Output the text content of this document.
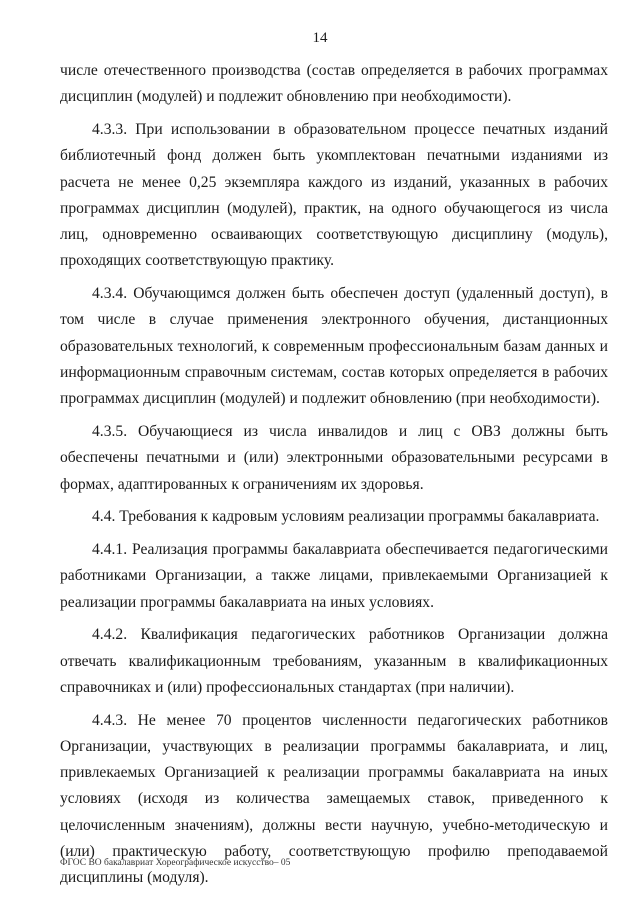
14

числе отечественного производства (состав определяется в рабочих программах дисциплин (модулей) и подлежит обновлению при необходимости).

4.3.3. При использовании в образовательном процессе печатных изданий библиотечный фонд должен быть укомплектован печатными изданиями из расчета не менее 0,25 экземпляра каждого из изданий, указанных в рабочих программах дисциплин (модулей), практик, на одного обучающегося из числа лиц, одновременно осваивающих соответствующую дисциплину (модуль), проходящих соответствующую практику.

4.3.4. Обучающимся должен быть обеспечен доступ (удаленный доступ), в том числе в случае применения электронного обучения, дистанционных образовательных технологий, к современным профессиональным базам данных и информационным справочным системам, состав которых определяется в рабочих программах дисциплин (модулей) и подлежит обновлению (при необходимости).

4.3.5. Обучающиеся из числа инвалидов и лиц с ОВЗ должны быть обеспечены печатными и (или) электронными образовательными ресурсами в формах, адаптированных к ограничениям их здоровья.

4.4. Требования к кадровым условиям реализации программы бакалавриата.

4.4.1. Реализация программы бакалавриата обеспечивается педагогическими работниками Организации, а также лицами, привлекаемыми Организацией к реализации программы бакалавриата на иных условиях.

4.4.2. Квалификация педагогических работников Организации должна отвечать квалификационным требованиям, указанным в квалификационных справочниках и (или) профессиональных стандартах (при наличии).

4.4.3. Не менее 70 процентов численности педагогических работников Организации, участвующих в реализации программы бакалавриата, и лиц, привлекаемых Организацией к реализации программы бакалавриата на иных условиях (исходя из количества замещаемых ставок, приведенного к целочисленным значениям), должны вести научную, учебно-методическую и (или) практическую работу, соответствующую профилю преподаваемой дисциплины (модуля).

ФГОС ВО бакалавриат Хореографическое искусство– 05
